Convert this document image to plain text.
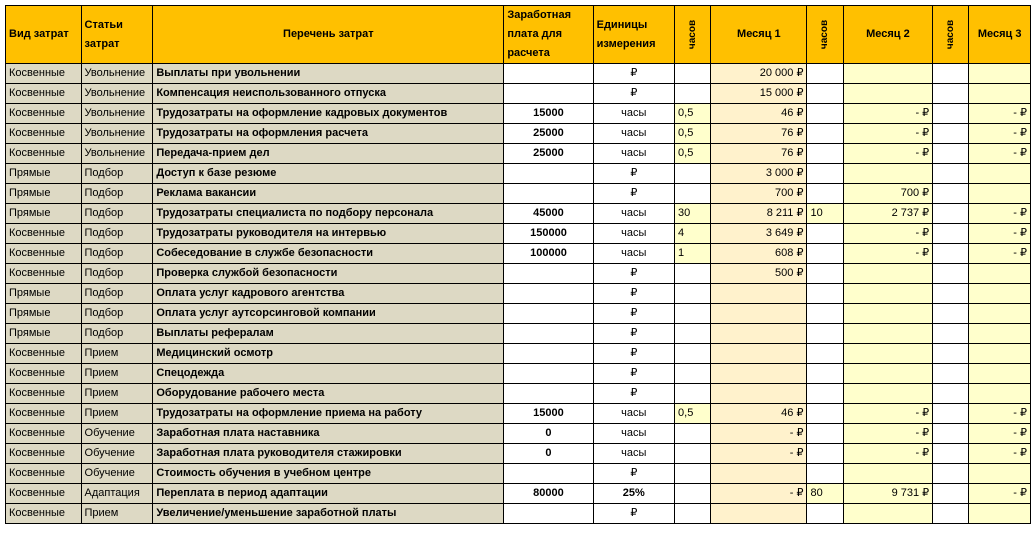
Вид затрат	Статьи затрат	Перечень затрат	Заработная плата для расчета	Единицы измерения	часов	Месяц 1	часов	Месяц 2	часов	Месяц 3
Косвенные	Увольнение	Выплаты при увольнении		₽		20 000 ₽				
Косвенные	Увольнение	Компенсация неиспользованного отпуска		₽		15 000 ₽				
Косвенные	Увольнение	Трудозатраты на оформление кадровых документов	15000	часы	0,5	46 ₽		- ₽		- ₽
Косвенные	Увольнение	Трудозатраты на оформления расчета	25000	часы	0,5	76 ₽		- ₽		- ₽
Косвенные	Увольнение	Передача-прием дел	25000	часы	0,5	76 ₽		- ₽		- ₽
Прямые	Подбор	Доступ к базе резюме		₽		3 000 ₽				
Прямые	Подбор	Реклама вакансии		₽		700 ₽		700 ₽		
Прямые	Подбор	Трудозатраты специалиста по подбору персонала	45000	часы	30	8 211 ₽	10	2 737 ₽		- ₽
Косвенные	Подбор	Трудозатраты руководителя на интервью	150000	часы	4	3 649 ₽		- ₽		- ₽
Косвенные	Подбор	Собеседование в службе безопасности	100000	часы	1	608 ₽		- ₽		- ₽
Косвенные	Подбор	Проверка службой безопасности		₽		500 ₽				
Прямые	Подбор	Оплата услуг кадрового агентства		₽						
Прямые	Подбор	Оплата услуг аутсорсинговой компании		₽						
Прямые	Подбор	Выплаты рефералам		₽						
Косвенные	Прием	Медицинский осмотр		₽						
Косвенные	Прием	Спецодежда		₽						
Косвенные	Прием	Оборудование рабочего места		₽						
Косвенные	Прием	Трудозатраты на оформление приема на работу	15000	часы	0,5	46 ₽		- ₽		- ₽
Косвенные	Обучение	Заработная плата наставника	0	часы		- ₽		- ₽		- ₽
Косвенные	Обучение	Заработная плата руководителя стажировки	0	часы		- ₽		- ₽		- ₽
Косвенные	Обучение	Стоимость обучения в учебном центре		₽						
Косвенные	Адаптация	Переплата в период адаптации	80000	25%		- ₽	80	9 731 ₽		- ₽
Косвенные	Прием	Увеличение/уменьшение заработной платы		₽						
